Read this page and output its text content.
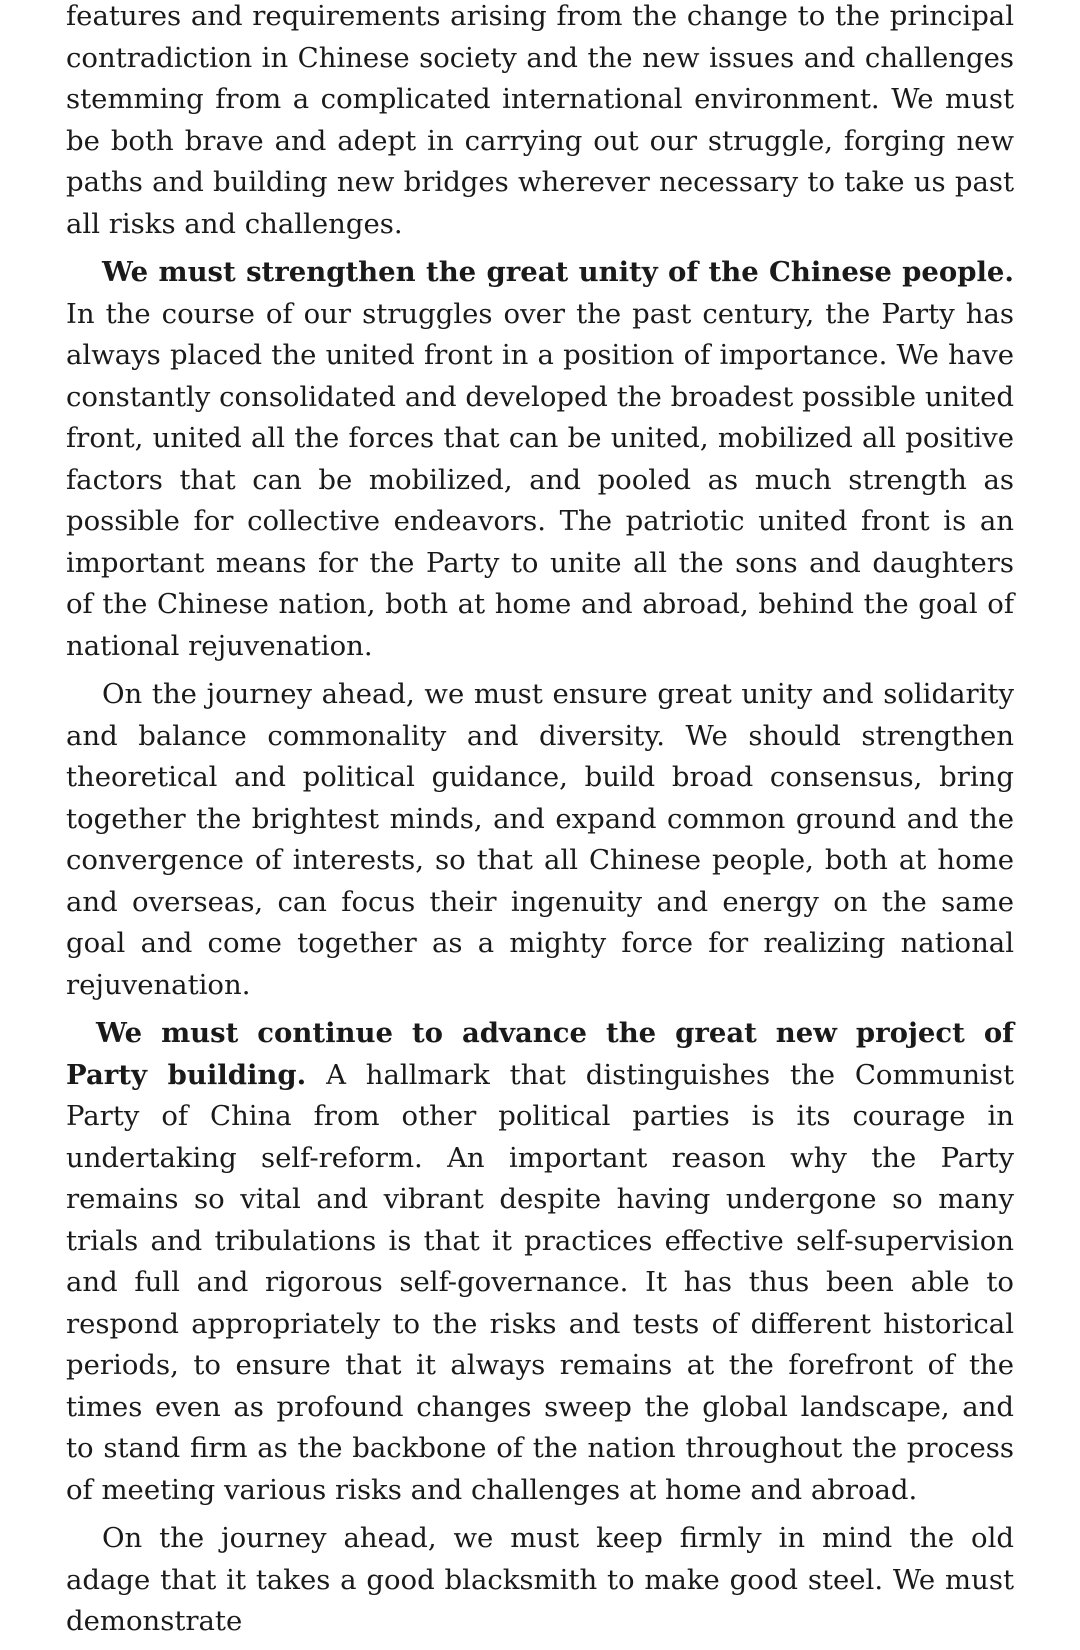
features and requirements arising from the change to the principal contradiction in Chinese society and the new issues and challenges stemming from a complicated international environment. We must be both brave and adept in carrying out our struggle, forging new paths and building new bridges wherever necessary to take us past all risks and challenges.

We must strengthen the great unity of the Chinese people. In the course of our struggles over the past century, the Party has always placed the united front in a position of importance. We have constantly consolidated and developed the broadest possible united front, united all the forces that can be united, mobilized all positive factors that can be mobilized, and pooled as much strength as possible for collective endeavors. The patriotic united front is an important means for the Party to unite all the sons and daughters of the Chinese nation, both at home and abroad, behind the goal of national rejuvenation.

On the journey ahead, we must ensure great unity and solidarity and balance commonality and diversity. We should strengthen theoretical and political guidance, build broad consensus, bring together the brightest minds, and expand common ground and the convergence of interests, so that all Chinese people, both at home and overseas, can focus their ingenuity and energy on the same goal and come together as a mighty force for realizing national rejuvenation.

We must continue to advance the great new project of Party building. A hallmark that distinguishes the Communist Party of China from other political parties is its courage in undertaking self-reform. An important reason why the Party remains so vital and vibrant despite having undergone so many trials and tribulations is that it practices effective self-supervision and full and rigorous self-governance. It has thus been able to respond appropriately to the risks and tests of different historical periods, to ensure that it always remains at the forefront of the times even as profound changes sweep the global landscape, and to stand firm as the backbone of the nation throughout the process of meeting various risks and challenges at home and abroad.

On the journey ahead, we must keep firmly in mind the old adage that it takes a good blacksmith to make good steel. We must demonstrate
